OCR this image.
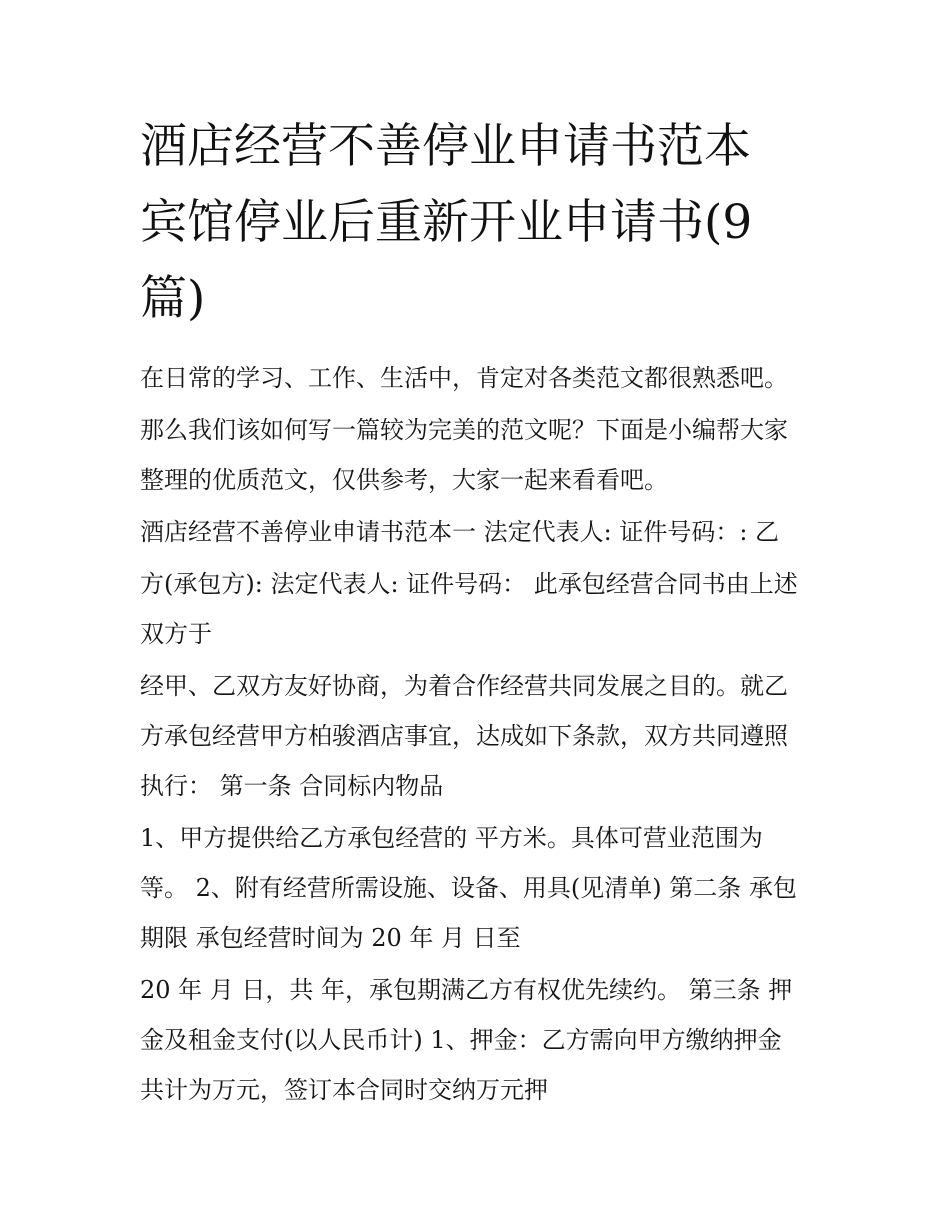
酒店经营不善停业申请书范本
宾馆停业后重新开业申请书(9
篇)
在日常的学习、工作、生活中，肯定对各类范文都很熟悉吧。
那么我们该如何写一篇较为完美的范文呢？下面是小编帮大家
整理的优质范文，仅供参考，大家一起来看看吧。
酒店经营不善停业申请书范本一 法定代表人: 证件号码：: 乙
方(承包方): 法定代表人: 证件号码： 此承包经营合同书由上述
双方于
经甲、乙双方友好协商，为着合作经营共同发展之目的。就乙
方承包经营甲方柏骏酒店事宜，达成如下条款，双方共同遵照
执行： 第一条 合同标内物品
1、甲方提供给乙方承包经营的 平方米。具体可营业范围为
等。 2、附有经营所需设施、设备、用具(见清单) 第二条 承包
期限 承包经营时间为 20 年 月 日至
20 年 月 日，共 年，承包期满乙方有权优先续约。 第三条 押
金及租金支付(以人民币计) 1、押金：乙方需向甲方缴纳押金
共计为万元，签订本合同时交纳万元押
